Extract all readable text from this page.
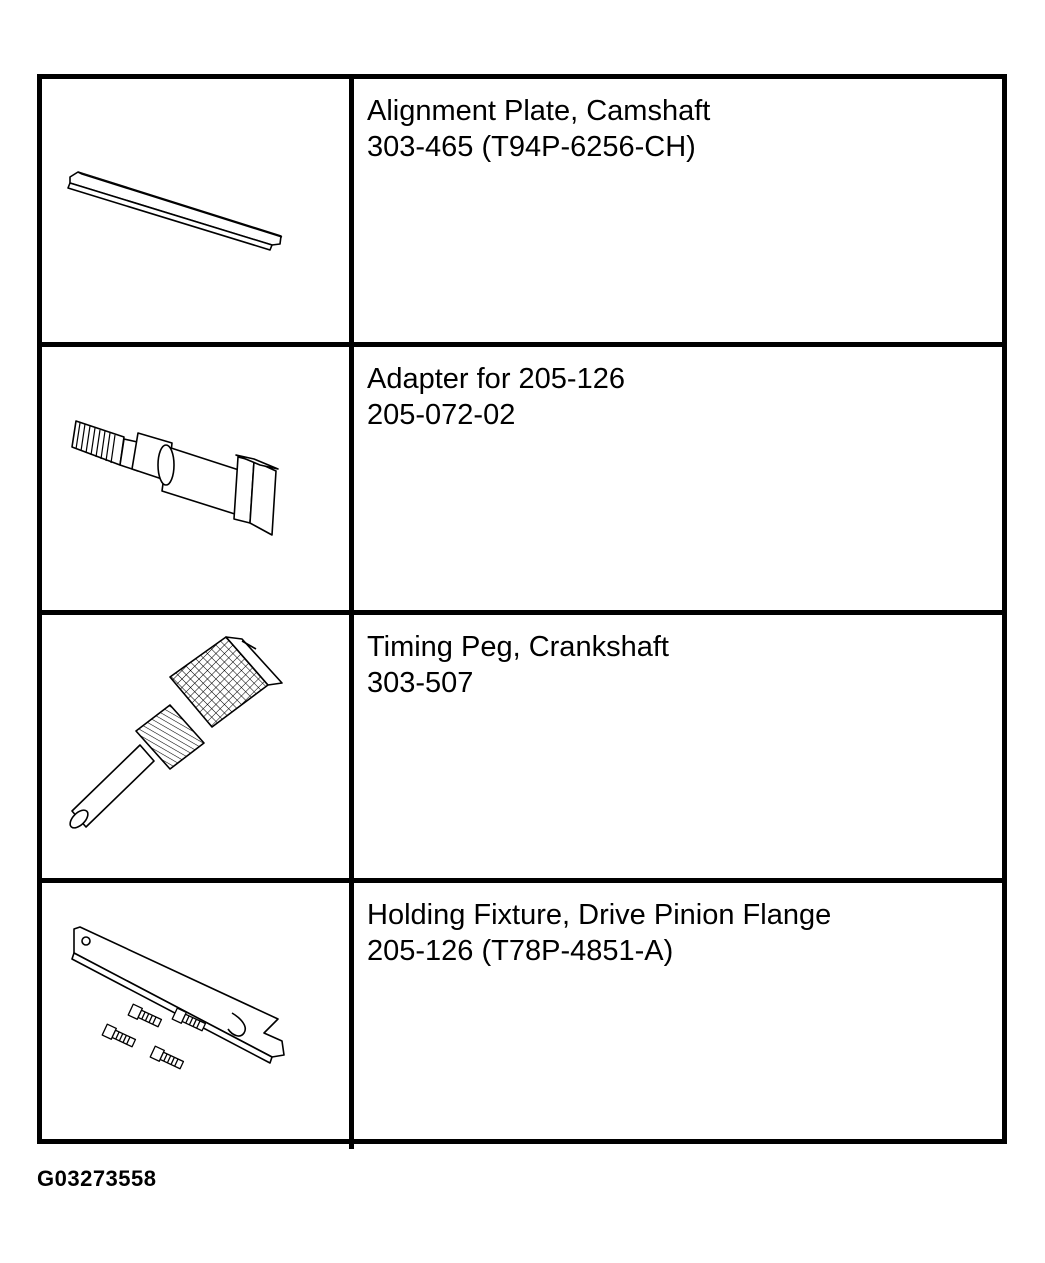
Alignment Plate, Camshaft
303-465 (T94P-6256-CH)
Adapter for 205-126
205-072-02
Timing Peg, Crankshaft
303-507
Holding Fixture, Drive Pinion Flange
205-126 (T78P-4851-A)
G03273558
